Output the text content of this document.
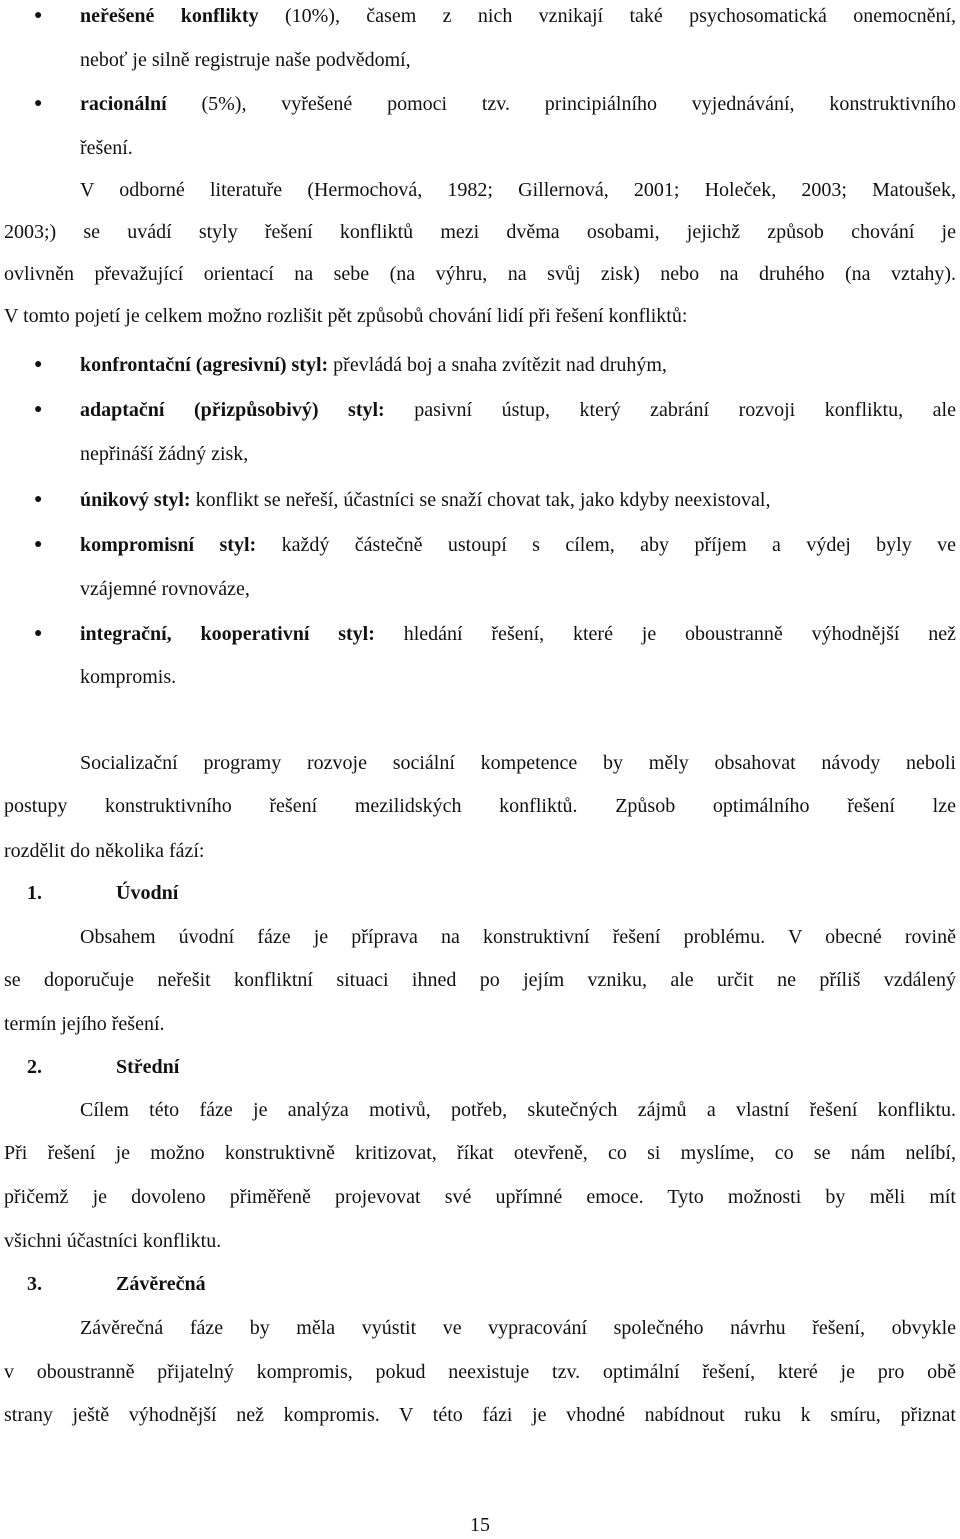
● neřešené konflikty (10%), časem z nich vznikají také psychosomatická onemocnění,
neboť je silně registruje naše podvědomí,
● racionální (5%), vyřešené pomoci tzv. principiálního vyjednávání, konstruktivního
řešení.
V odborné literatuře (Hermochová, 1982; Gillernová, 2001; Holeček, 2003; Matoušek,
2003;) se uvádí styly řešení konfliktů mezi dvěma osobami, jejichž způsob chování je
ovlivněn převažující orientací na sebe (na výhru, na svůj zisk) nebo na druhého (na vztahy).
V tomto pojetí je celkem možno rozlišit pět způsobů chování lidí při řešení konfliktů:
● konfrontační (agresivní) styl: převládá boj a snaha zvítězit nad druhým,
● adaptační (přizpůsobivý) styl: pasivní ústup, který zabrání rozvoji konfliktu, ale
nepřináší žádný zisk,
● únikový styl: konflikt se neřeší, účastníci se snaží chovat tak, jako kdyby neexistoval,
● kompromisní styl: každý částečně ustoupí s cílem, aby příjem a výdej byly ve
vzájemné rovnováze,
● integrační, kooperativní styl: hledání řešení, které je oboustranně výhodnější než
kompromis.
Socializační programy rozvoje sociální kompetence by měly obsahovat návody neboli
postupy konstruktivního řešení mezilidských konfliktů. Způsob optimálního řešení lze
rozdělit do několika fází:
1.	Úvodní
Obsahem úvodní fáze je příprava na konstruktivní řešení problému. V obecné rovině
se doporučuje neřešit konfliktní situaci ihned po jejím vzniku, ale určit ne příliš vzdálený
termín jejího řešení.
2.	Střední
Cílem této fáze je analýza motivů, potřeb, skutečných zájmů a vlastní řešení konfliktu.
Při řešení je možno konstruktivně kritizovat, říkat otevřeně, co si myslíme, co se nám nelíbí,
přičemž je dovoleno přiměřeně projevovat své upřímné emoce. Tyto možnosti by měli mít
všichni účastníci konfliktu.
3.	Závěrečná
Závěrečná fáze by měla vyústit ve vypracování společného návrhu řešení, obvykle
v oboustranně přijatelný kompromis, pokud neexistuje tzv. optimální řešení, které je pro obě
strany ještě výhodnější než kompromis. V této fázi je vhodné nabídnout ruku k smíru, přiznat
15
